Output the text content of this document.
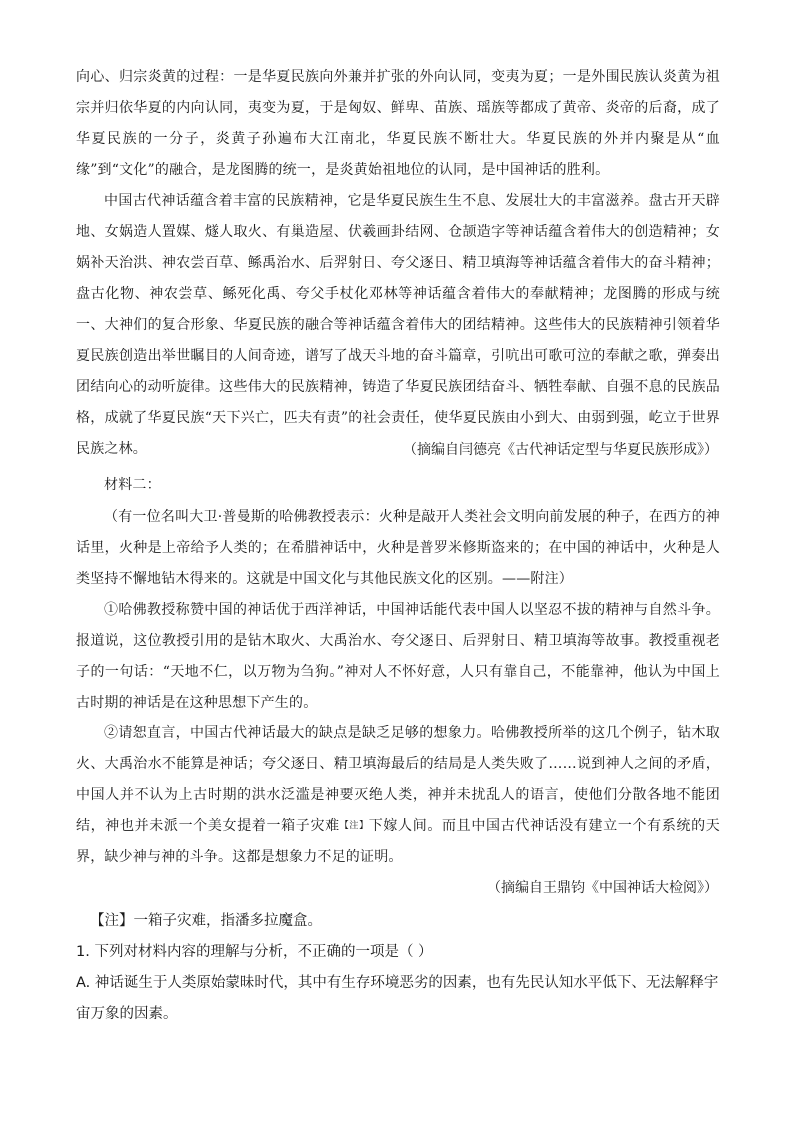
向心、归宗炎黄的过程：一是华夏民族向外兼并扩张的外向认同，变夷为夏；一是外围民族认炎黄为祖宗并归依华夏的内向认同，夷变为夏，于是匈奴、鲜卑、苗族、瑶族等都成了黄帝、炎帝的后裔，成了华夏民族的一分子，炎黄子孙遍布大江南北，华夏民族不断壮大。华夏民族的外并内聚是从“血缘”到“文化”的融合，是龙图腾的统一，是炎黄始祖地位的认同，是中国神话的胜利。

中国古代神话蕴含着丰富的民族精神，它是华夏民族生生不息、发展壮大的丰富滋养。盘古开天辟地、女娲造人置媒、燧人取火、有巢造屋、伏羲画卦结网、仓颉造字等神话蕴含着伟大的创造精神；女娲补天治洪、神农尝百草、鲧禹治水、后羿射日、夸父逐日、精卫填海等神话蕴含着伟大的奋斗精神；盘古化物、神农尝草、鲧死化禹、夸父手杖化邓林等神话蕴含着伟大的奉献精神；龙图腾的形成与统一、大神们的复合形象、华夏民族的融合等神话蕴含着伟大的团结精神。这些伟大的民族精神引领着华夏民族创造出举世瞩目的人间奇迹，谱写了战天斗地的奋斗篇章，引吭出可歌可泣的奉献之歌，弹奏出团结向心的动听旋律。这些伟大的民族精神，铸造了华夏民族团结奋斗、牺牲奉献、自强不息的民族品格，成就了华夏民族“天下兴亡，匹夫有责”的社会责任，使华夏民族由小到大、由弱到强，屹立于世界民族之林。	（摘编自闫德亮《古代神话定型与华夏民族形成》）

材料二：

（有一位名叫大卫·普曼斯的哈佛教授表示：火种是敲开人类社会文明向前发展的种子，在西方的神话里，火种是上帝给予人类的；在希腊神话中，火种是普罗米修斯盗来的；在中国的神话中，火种是人类坚持不懈地钻木得来的。这就是中国文化与其他民族文化的区别。——附注）

①哈佛教授称赞中国的神话优于西洋神话，中国神话能代表中国人以坚忍不拔的精神与自然斗争。报道说，这位教授引用的是钻木取火、大禹治水、夸父逐日、后羿射日、精卫填海等故事。教授重视老子的一句话：“天地不仁，以万物为刍狗。”神对人不怀好意，人只有靠自己，不能靠神，他认为中国上古时期的神话是在这种思想下产生的。

②请恕直言，中国古代神话最大的缺点是缺乏足够的想象力。哈佛教授所举的这几个例子，钻木取火、大禹治水不能算是神话；夸父逐日、精卫填海最后的结局是人类失败了……说到神人之间的矛盾，中国人并不认为上古时期的洪水泛滥是神要灭绝人类，神并未扰乱人的语言，使他们分散各地不能团结，神也并未派一个美女提着一箱子灾难【注】下嫁人间。而且中国古代神话没有建立一个有系统的天界，缺少神与神的斗争。这都是想象力不足的证明。

（摘编自王鼎钧《中国神话大检阅》）

【注】一箱子灾难，指潘多拉魔盒。

1. 下列对材料内容的理解与分析，不正确的一项是（ ）

A. 神话诞生于人类原始蒙昧时代，其中有生存环境恶劣的因素，也有先民认知水平低下、无法解释宇宙万象的因素。
